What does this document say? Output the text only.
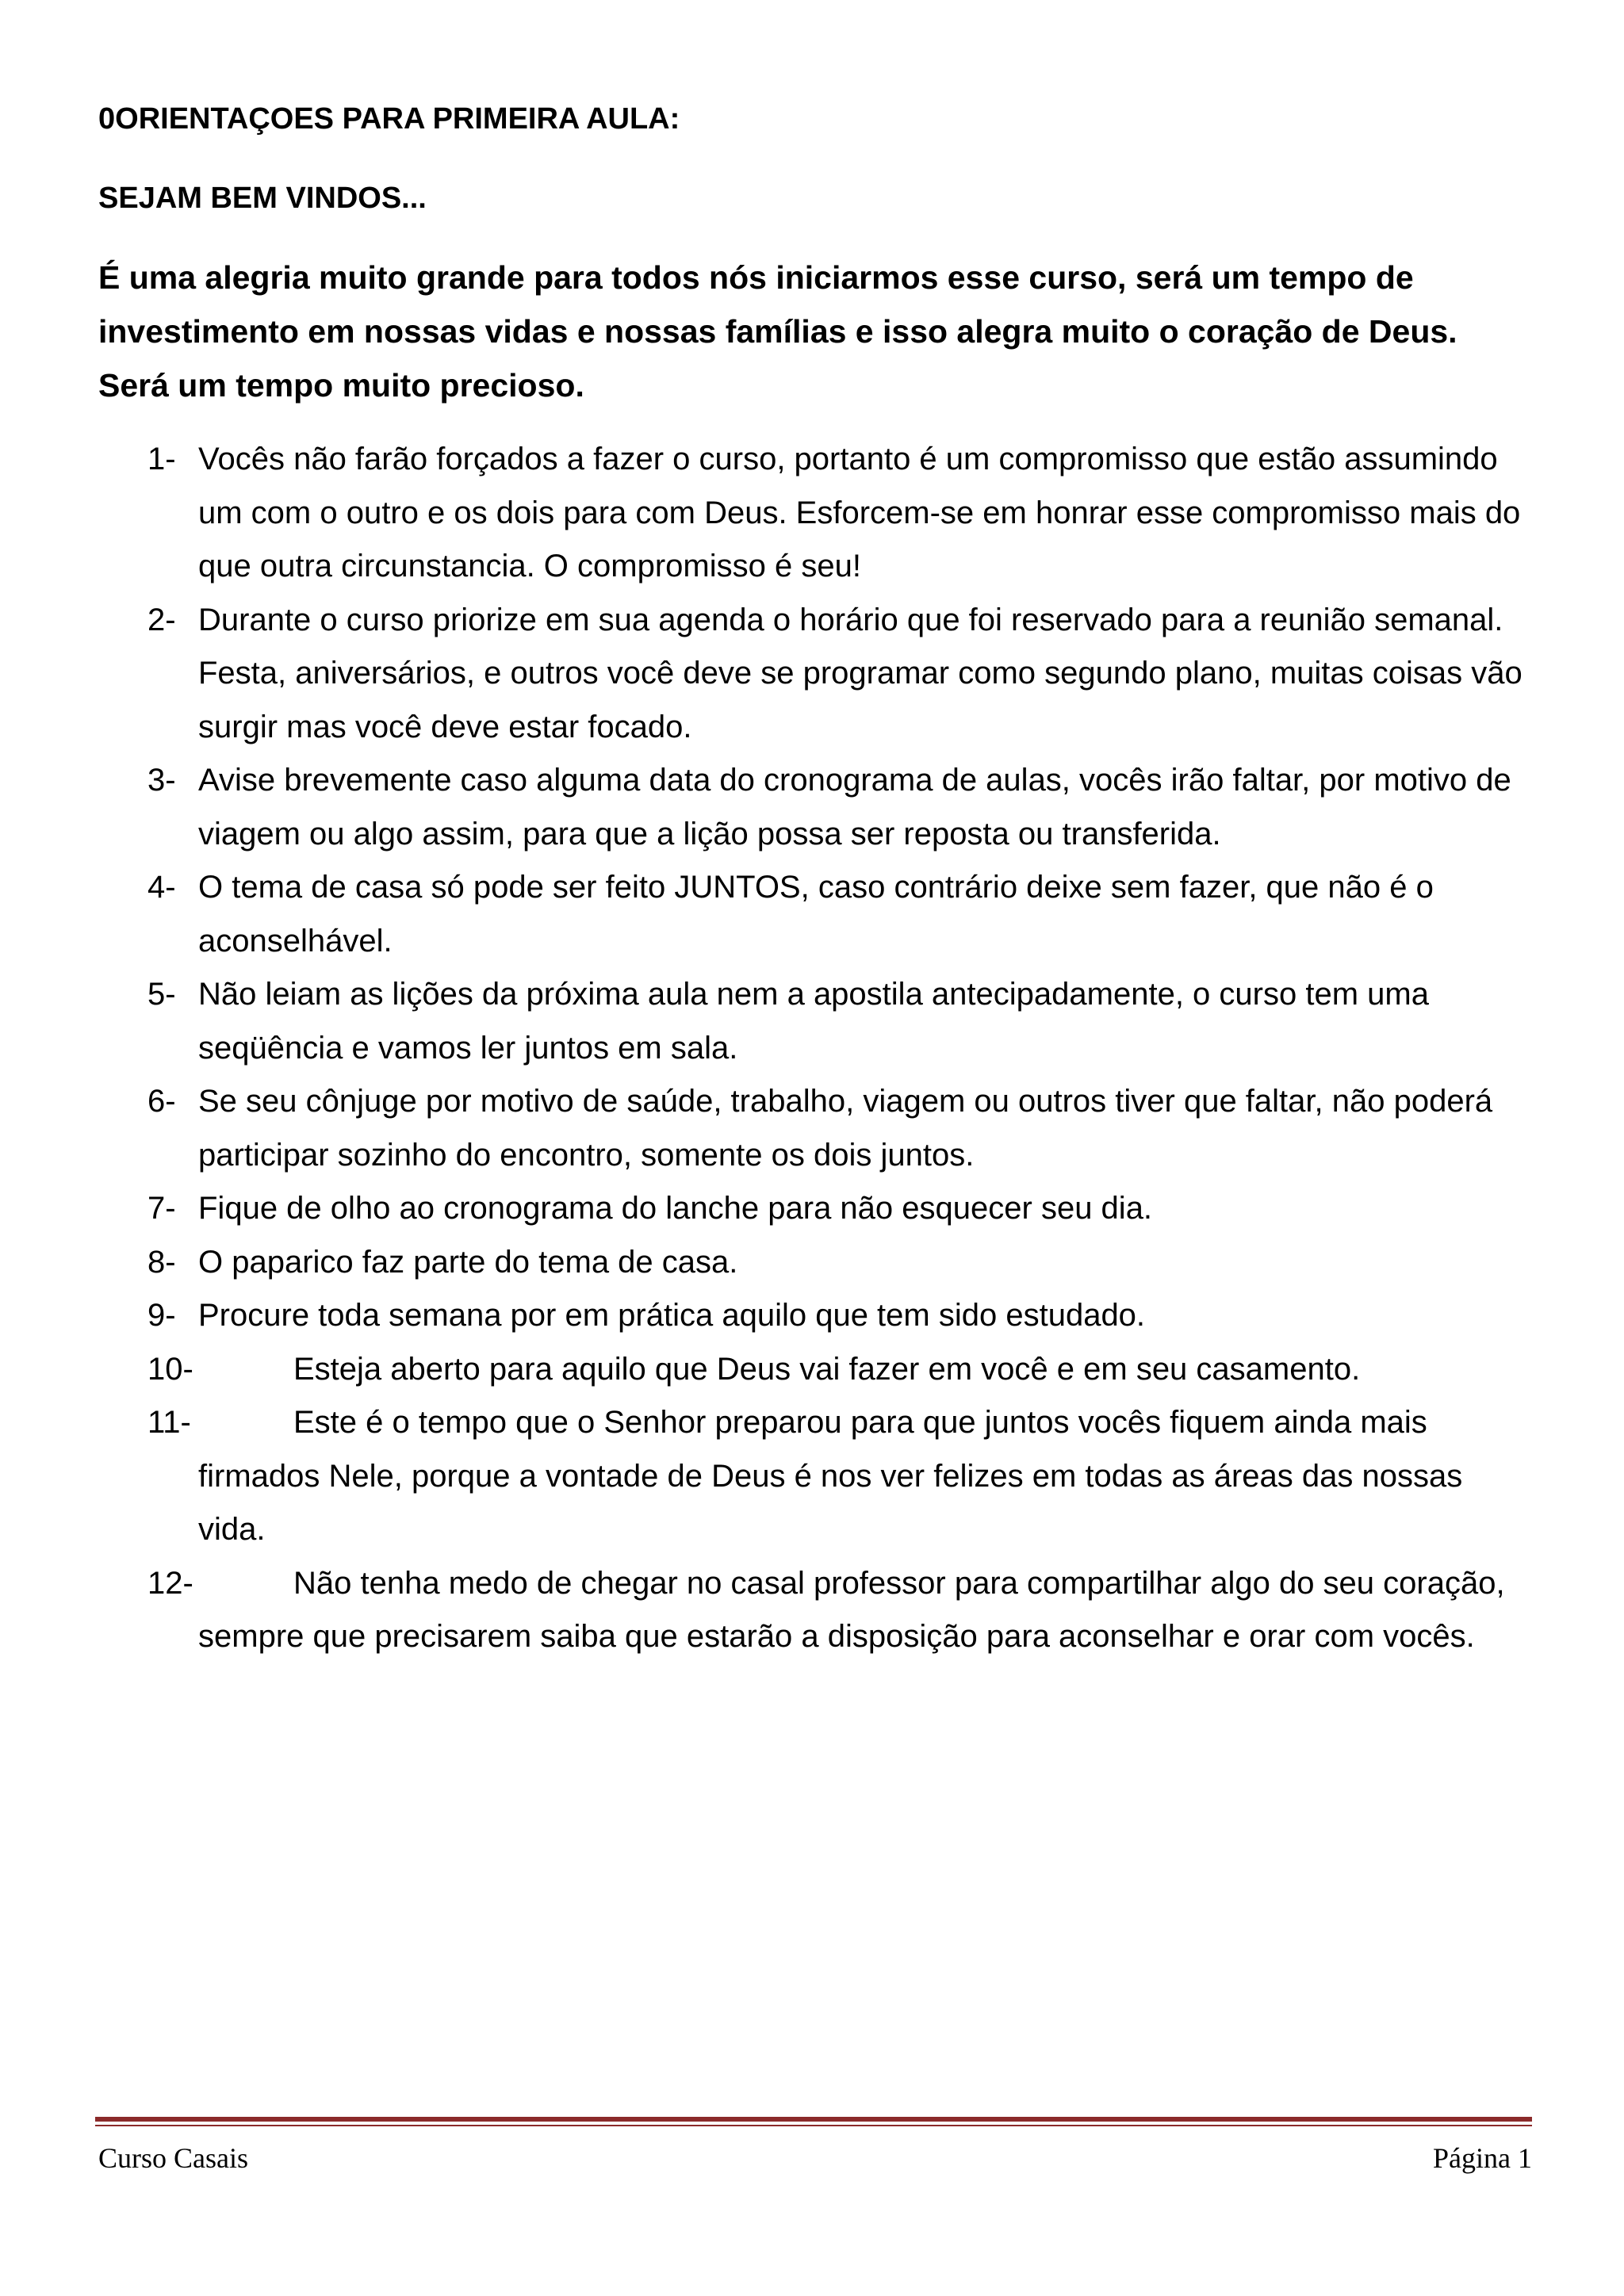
0ORIENTAÇOES PARA PRIMEIRA AULA:

SEJAM BEM VINDOS...

É uma alegria muito grande para todos nós iniciarmos esse curso, será um tempo de investimento em nossas vidas e nossas famílias e isso alegra muito o coração de Deus. Será um tempo muito precioso.

1- Vocês não farão forçados a fazer o curso, portanto é um compromisso que estão assumindo um com o outro e os dois para com Deus. Esforcem-se em honrar esse compromisso mais do que outra circunstancia. O compromisso é seu!
2- Durante o curso priorize em sua agenda o horário que foi reservado para a reunião semanal. Festa, aniversários, e outros você deve se programar como segundo plano, muitas coisas vão surgir mas você deve estar focado.
3- Avise brevemente caso alguma data do cronograma de aulas, vocês irão faltar, por motivo de viagem ou algo assim, para que a lição possa ser reposta ou transferida.
4- O tema de casa só pode ser feito JUNTOS, caso contrário deixe sem fazer, que não é o aconselhável.
5- Não leiam as lições da próxima aula nem a apostila antecipadamente, o curso tem uma seqüência e vamos ler juntos em sala.
6- Se seu cônjuge por motivo de saúde, trabalho, viagem ou outros tiver que faltar, não poderá participar sozinho do encontro, somente os dois juntos.
7- Fique de olho ao cronograma do lanche para não esquecer seu dia.
8- O paparico faz parte do tema de casa.
9- Procure toda semana por em prática aquilo que tem sido estudado.
10-	Esteja aberto para aquilo que Deus vai fazer em você e em seu casamento.
11-	Este é o tempo que o Senhor preparou para que juntos vocês fiquem ainda mais firmados Nele, porque a vontade de Deus é nos ver felizes em todas as áreas das nossas vida.
12-	Não tenha medo de chegar no casal professor para compartilhar algo do seu coração, sempre que precisarem saiba que estarão a disposição para aconselhar e orar com vocês.
Curso Casais	Página 1
